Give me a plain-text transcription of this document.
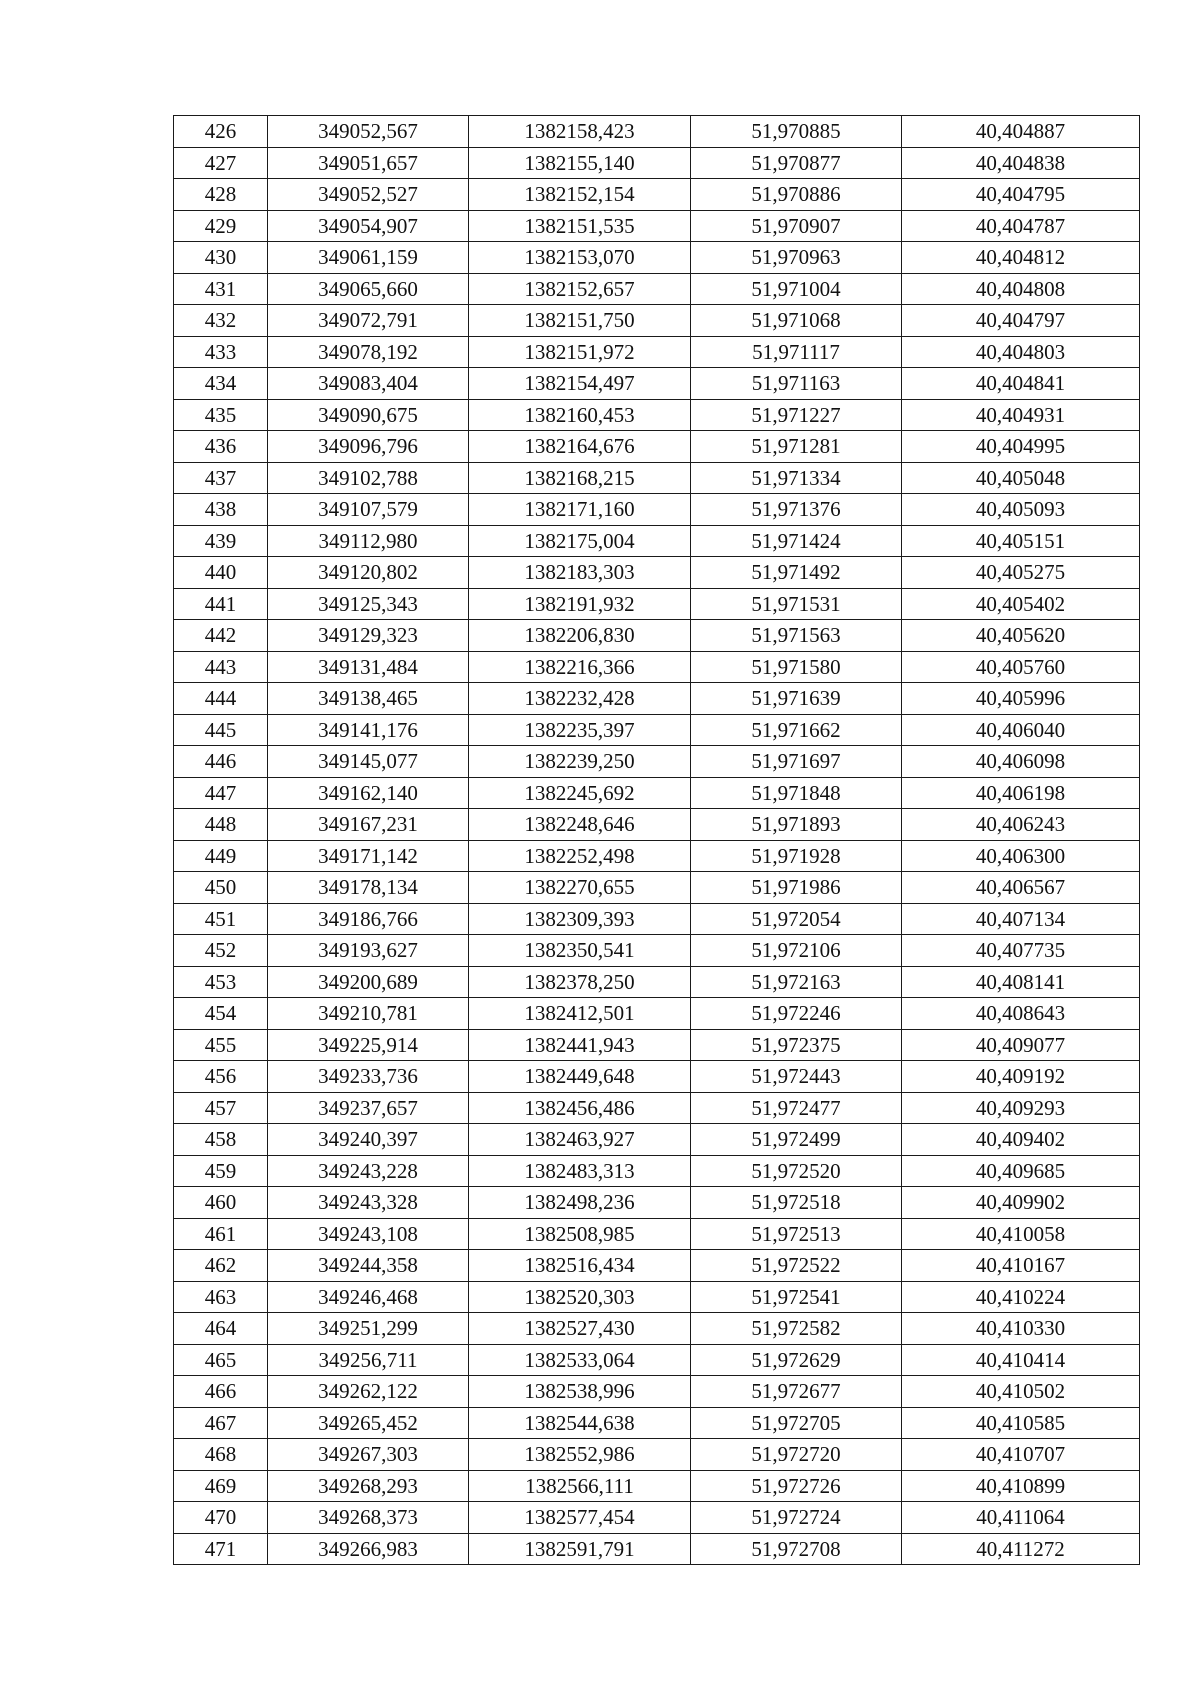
426	349052,567	1382158,423	51,970885	40,404887
427	349051,657	1382155,140	51,970877	40,404838
428	349052,527	1382152,154	51,970886	40,404795
429	349054,907	1382151,535	51,970907	40,404787
430	349061,159	1382153,070	51,970963	40,404812
431	349065,660	1382152,657	51,971004	40,404808
432	349072,791	1382151,750	51,971068	40,404797
433	349078,192	1382151,972	51,971117	40,404803
434	349083,404	1382154,497	51,971163	40,404841
435	349090,675	1382160,453	51,971227	40,404931
436	349096,796	1382164,676	51,971281	40,404995
437	349102,788	1382168,215	51,971334	40,405048
438	349107,579	1382171,160	51,971376	40,405093
439	349112,980	1382175,004	51,971424	40,405151
440	349120,802	1382183,303	51,971492	40,405275
441	349125,343	1382191,932	51,971531	40,405402
442	349129,323	1382206,830	51,971563	40,405620
443	349131,484	1382216,366	51,971580	40,405760
444	349138,465	1382232,428	51,971639	40,405996
445	349141,176	1382235,397	51,971662	40,406040
446	349145,077	1382239,250	51,971697	40,406098
447	349162,140	1382245,692	51,971848	40,406198
448	349167,231	1382248,646	51,971893	40,406243
449	349171,142	1382252,498	51,971928	40,406300
450	349178,134	1382270,655	51,971986	40,406567
451	349186,766	1382309,393	51,972054	40,407134
452	349193,627	1382350,541	51,972106	40,407735
453	349200,689	1382378,250	51,972163	40,408141
454	349210,781	1382412,501	51,972246	40,408643
455	349225,914	1382441,943	51,972375	40,409077
456	349233,736	1382449,648	51,972443	40,409192
457	349237,657	1382456,486	51,972477	40,409293
458	349240,397	1382463,927	51,972499	40,409402
459	349243,228	1382483,313	51,972520	40,409685
460	349243,328	1382498,236	51,972518	40,409902
461	349243,108	1382508,985	51,972513	40,410058
462	349244,358	1382516,434	51,972522	40,410167
463	349246,468	1382520,303	51,972541	40,410224
464	349251,299	1382527,430	51,972582	40,410330
465	349256,711	1382533,064	51,972629	40,410414
466	349262,122	1382538,996	51,972677	40,410502
467	349265,452	1382544,638	51,972705	40,410585
468	349267,303	1382552,986	51,972720	40,410707
469	349268,293	1382566,111	51,972726	40,410899
470	349268,373	1382577,454	51,972724	40,411064
471	349266,983	1382591,791	51,972708	40,411272
